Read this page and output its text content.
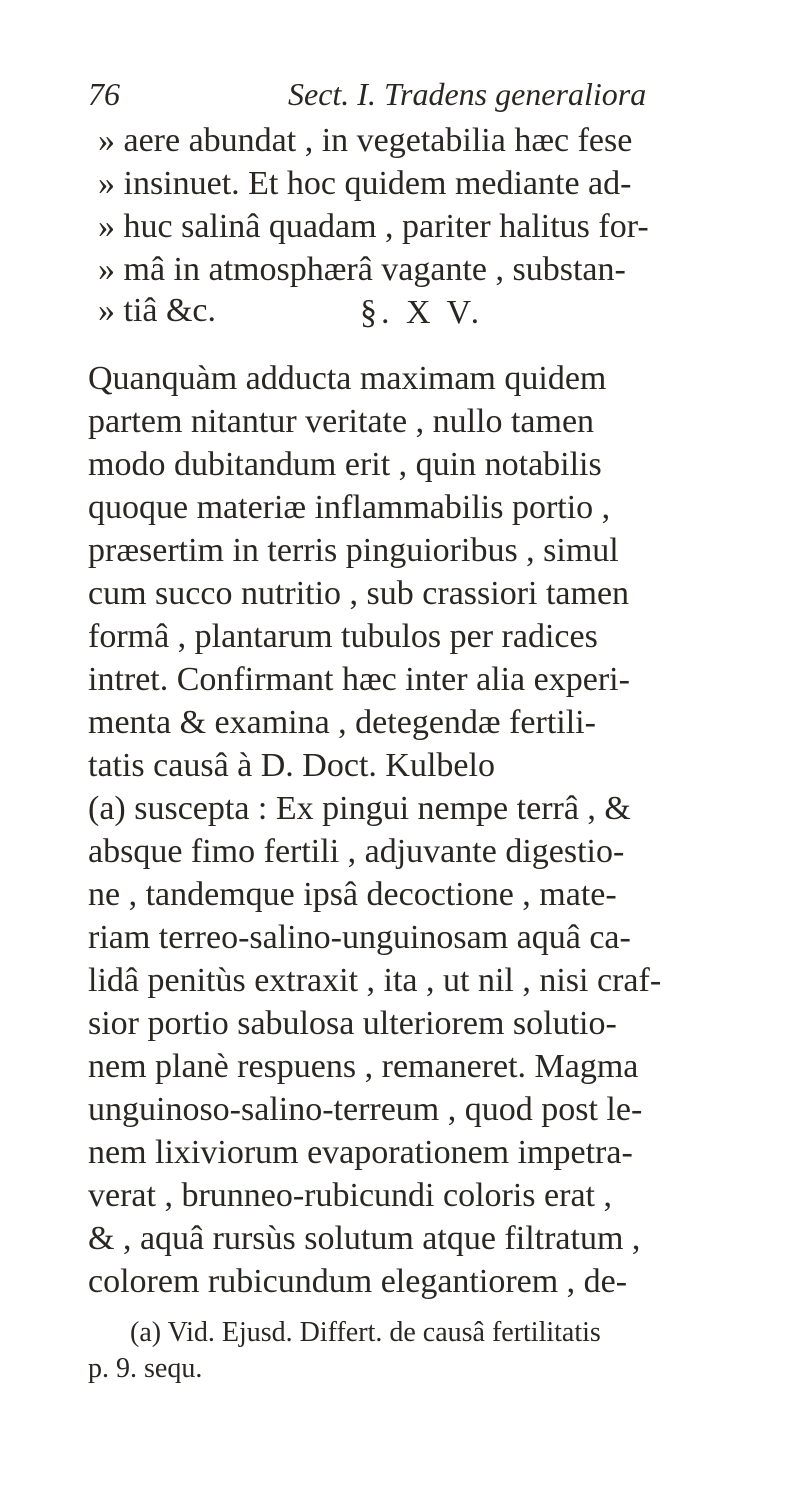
76	Sect. I. Tradens generaliora
» aere abundat , in vegetabilia hæc fese
» insinuet. Et hoc quidem mediante ad-
» huc salinâ quadam , pariter halitus for-
» mâ in atmosphærâ vagante , substan-
» tiâ &c.	§. X V.
Quanquàm adducta maximam quidem
partem nitantur veritate , nullo tamen
modo dubitandum erit , quin notabilis
quoque materiæ inflammabilis portio ,
præsertim in terris pinguioribus , simul
cum succo nutritio , sub crassiori tamen
formâ , plantarum tubulos per radices
intret. Confirmant hæc inter alia experi-
menta & examina , detegendæ fertili-
tatis causâ à D. Doct. Kulbelo
(a) suscepta : Ex pingui nempe terrâ , &
absque fimo fertili , adjuvante digestio-
ne , tandemque ipsâ decoctione , mate-
riam terreo-salino-unguinosam aquâ ca-
lidâ penitùs extraxit , ita , ut nil , nisi craf-
sior portio sabulosa ulteriorem solutio-
nem planè respuens , remaneret. Magma
unguinoso-salino-terreum , quod post le-
nem lixiviorum evaporationem impetra-
verat , brunneo-rubicundi coloris erat ,
& , aquâ rursùs solutum atque filtratum ,
colorem rubicundum elegantiorem , de-
(a) Vid. Ejusd. Differt. de causâ fertilitatis
p. 9. sequ.
